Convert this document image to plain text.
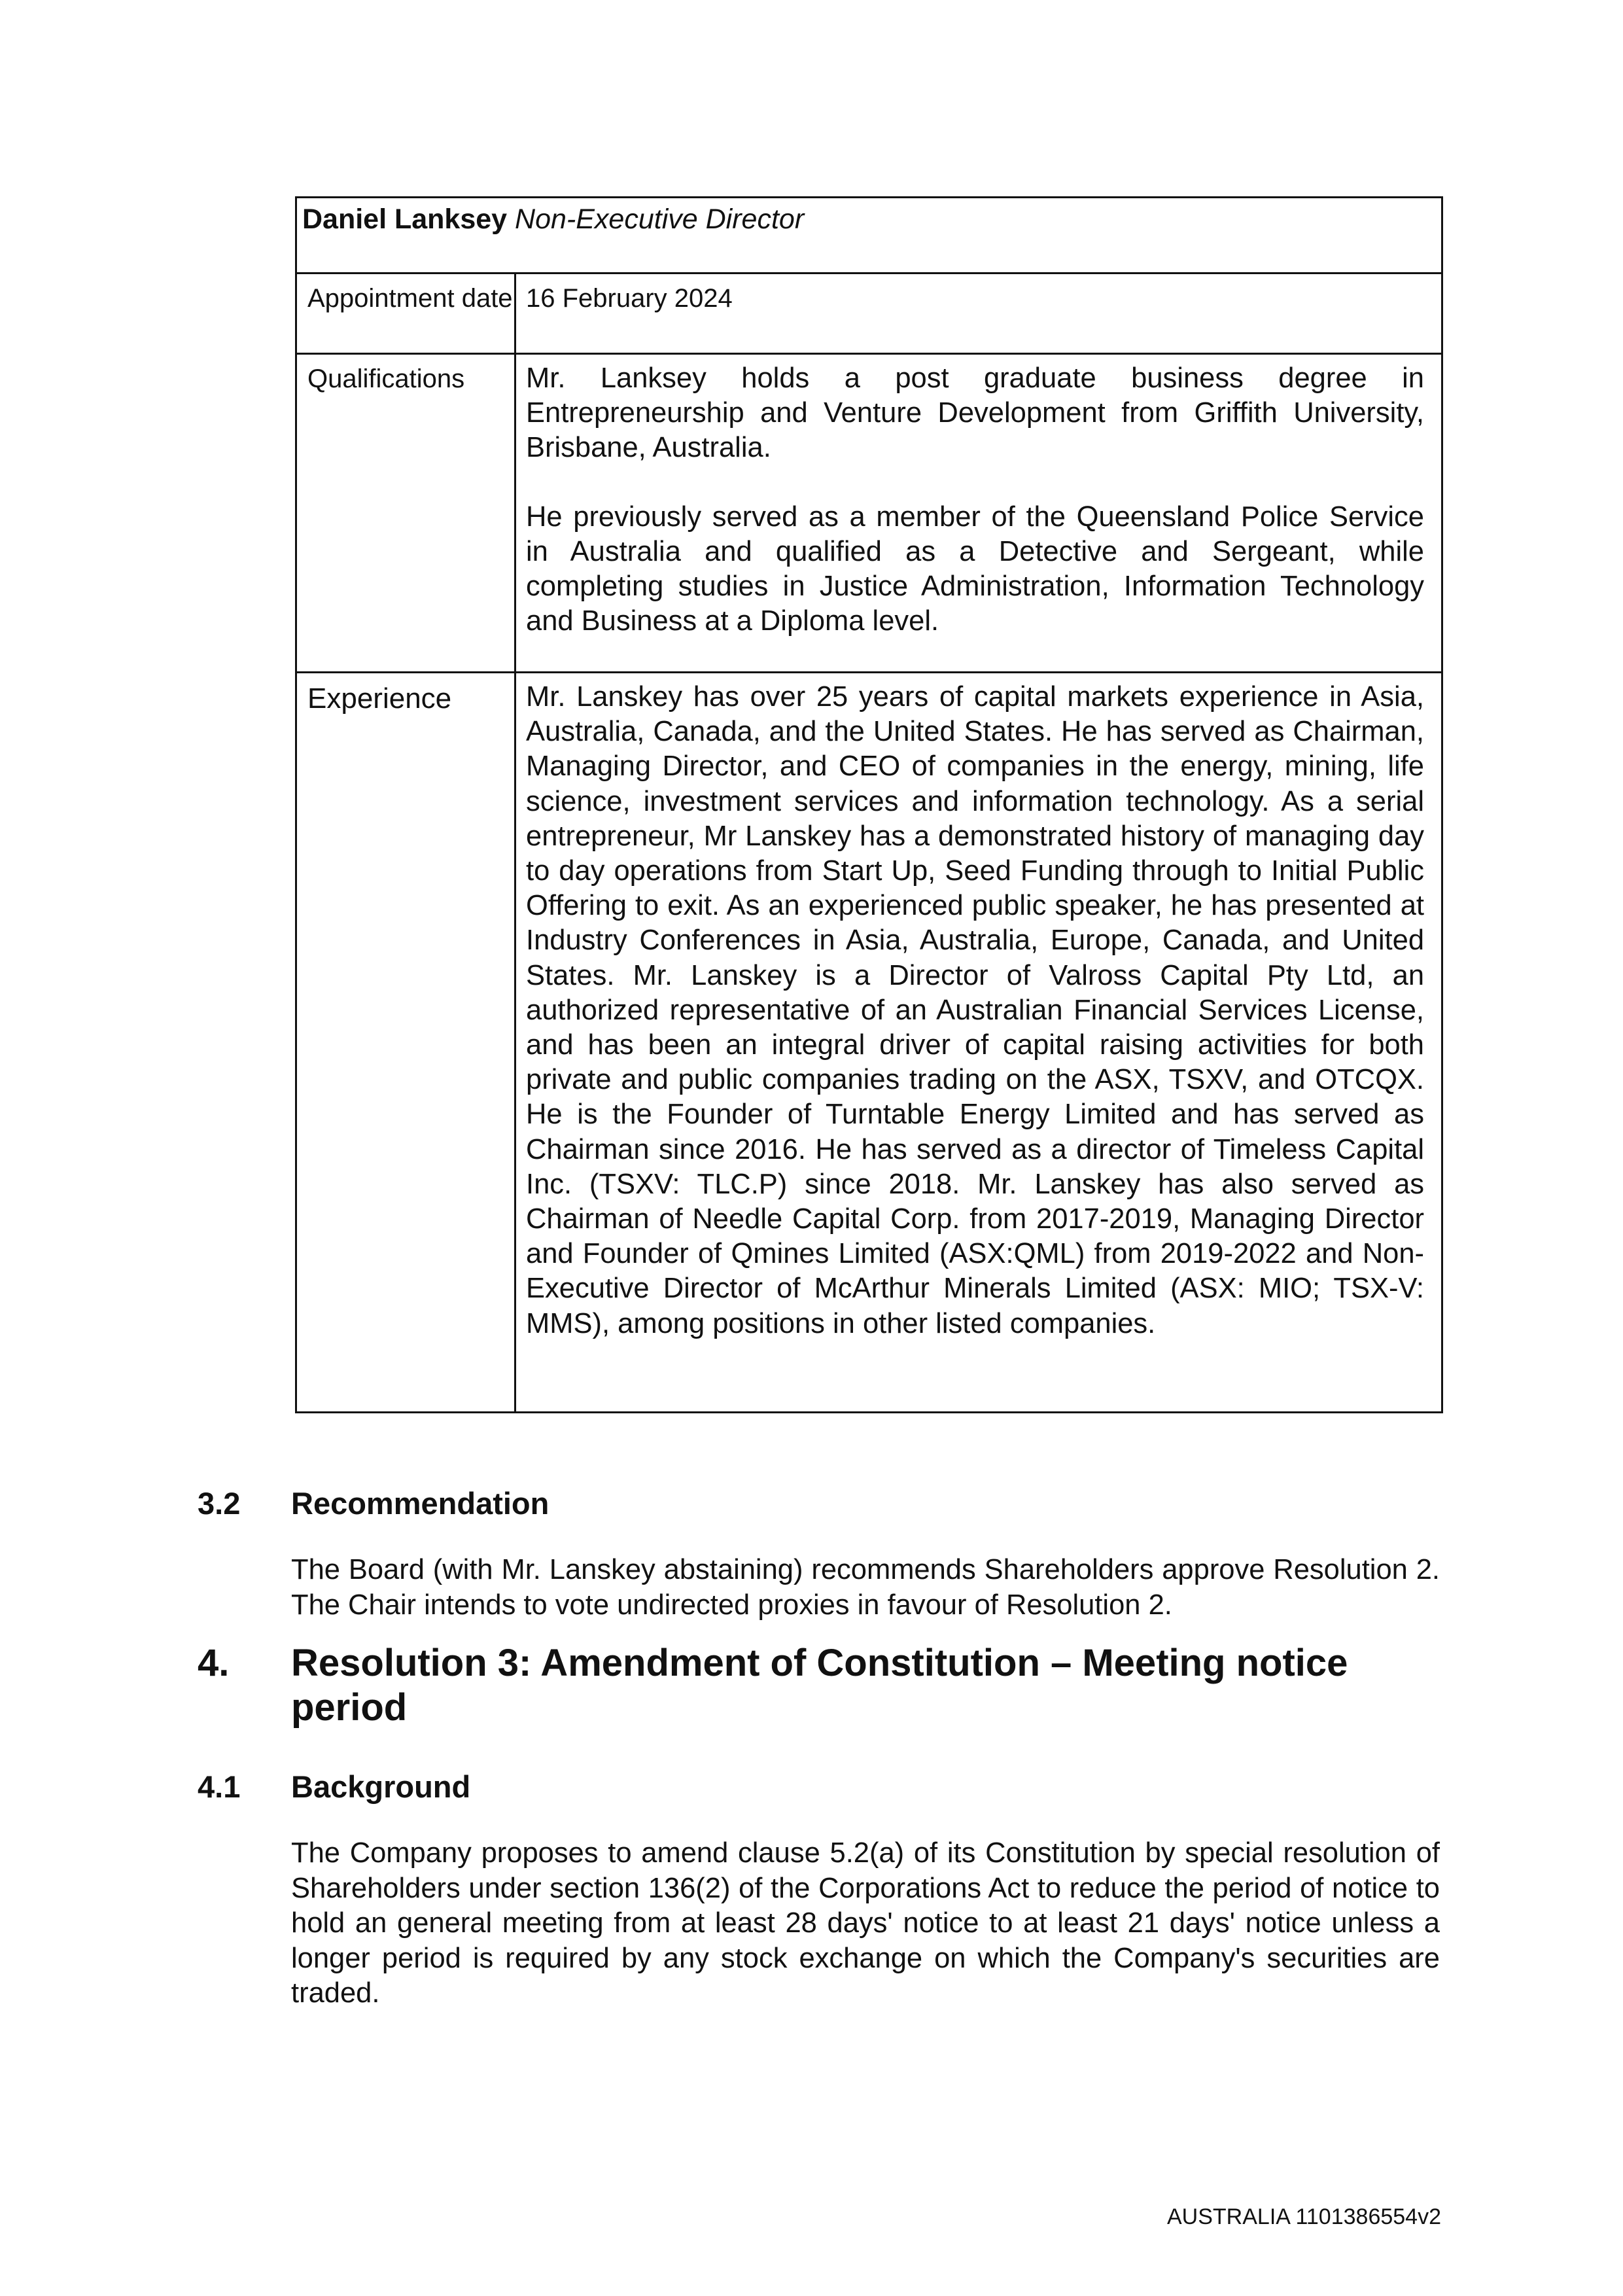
Daniel Lanksey Non-Executive Director	
Appointment date	16 February 2024

Qualifications	Mr. Lanksey holds a post graduate business degree in Entrepreneurship and Venture Development from Griffith University, Brisbane, Australia.

He previously served as a member of the Queensland Police Service in Australia and qualified as a Detective and Sergeant, while completing studies in Justice Administration, Information Technology and Business at a Diploma level.

Experience	Mr. Lanskey has over 25 years of capital markets experience in Asia, Australia, Canada, and the United States. He has served as Chairman, Managing Director, and CEO of companies in the energy, mining, life science, investment services and information technology. As a serial entrepreneur, Mr Lanskey has a demonstrated history of managing day to day operations from Start Up, Seed Funding through to Initial Public Offering to exit. As an experienced public speaker, he has presented at Industry Conferences in Asia, Australia, Europe, Canada, and United States. Mr. Lanskey is a Director of Valross Capital Pty Ltd, an authorized representative of an Australian Financial Services License, and has been an integral driver of capital raising activities for both private and public companies trading on the ASX, TSXV, and OTCQX. He is the Founder of Turntable Energy Limited and has served as Chairman since 2016. He has served as a director of Timeless Capital Inc. (TSXV: TLC.P) since 2018. Mr. Lanskey has also served as Chairman of Needle Capital Corp. from 2017-2019, Managing Director and Founder of Qmines Limited (ASX:QML) from 2019-2022 and Non-Executive Director of McArthur Minerals Limited (ASX: MIO; TSX-V: MMS), among positions in other listed companies.

3.2 Recommendation

The Board (with Mr. Lanskey abstaining) recommends Shareholders approve Resolution 2. The Chair intends to vote undirected proxies in favour of Resolution 2.

4. Resolution 3: Amendment of Constitution – Meeting notice
period
4.1 Background

The Company proposes to amend clause 5.2(a) of its Constitution by special resolution of Shareholders under section 136(2) of the Corporations Act to reduce the period of notice to hold an general meeting from at least 28 days' notice to at least 21 days' notice unless a longer period is required by any stock exchange on which the Company's securities are traded.

AUSTRALIA 1101386554v2
